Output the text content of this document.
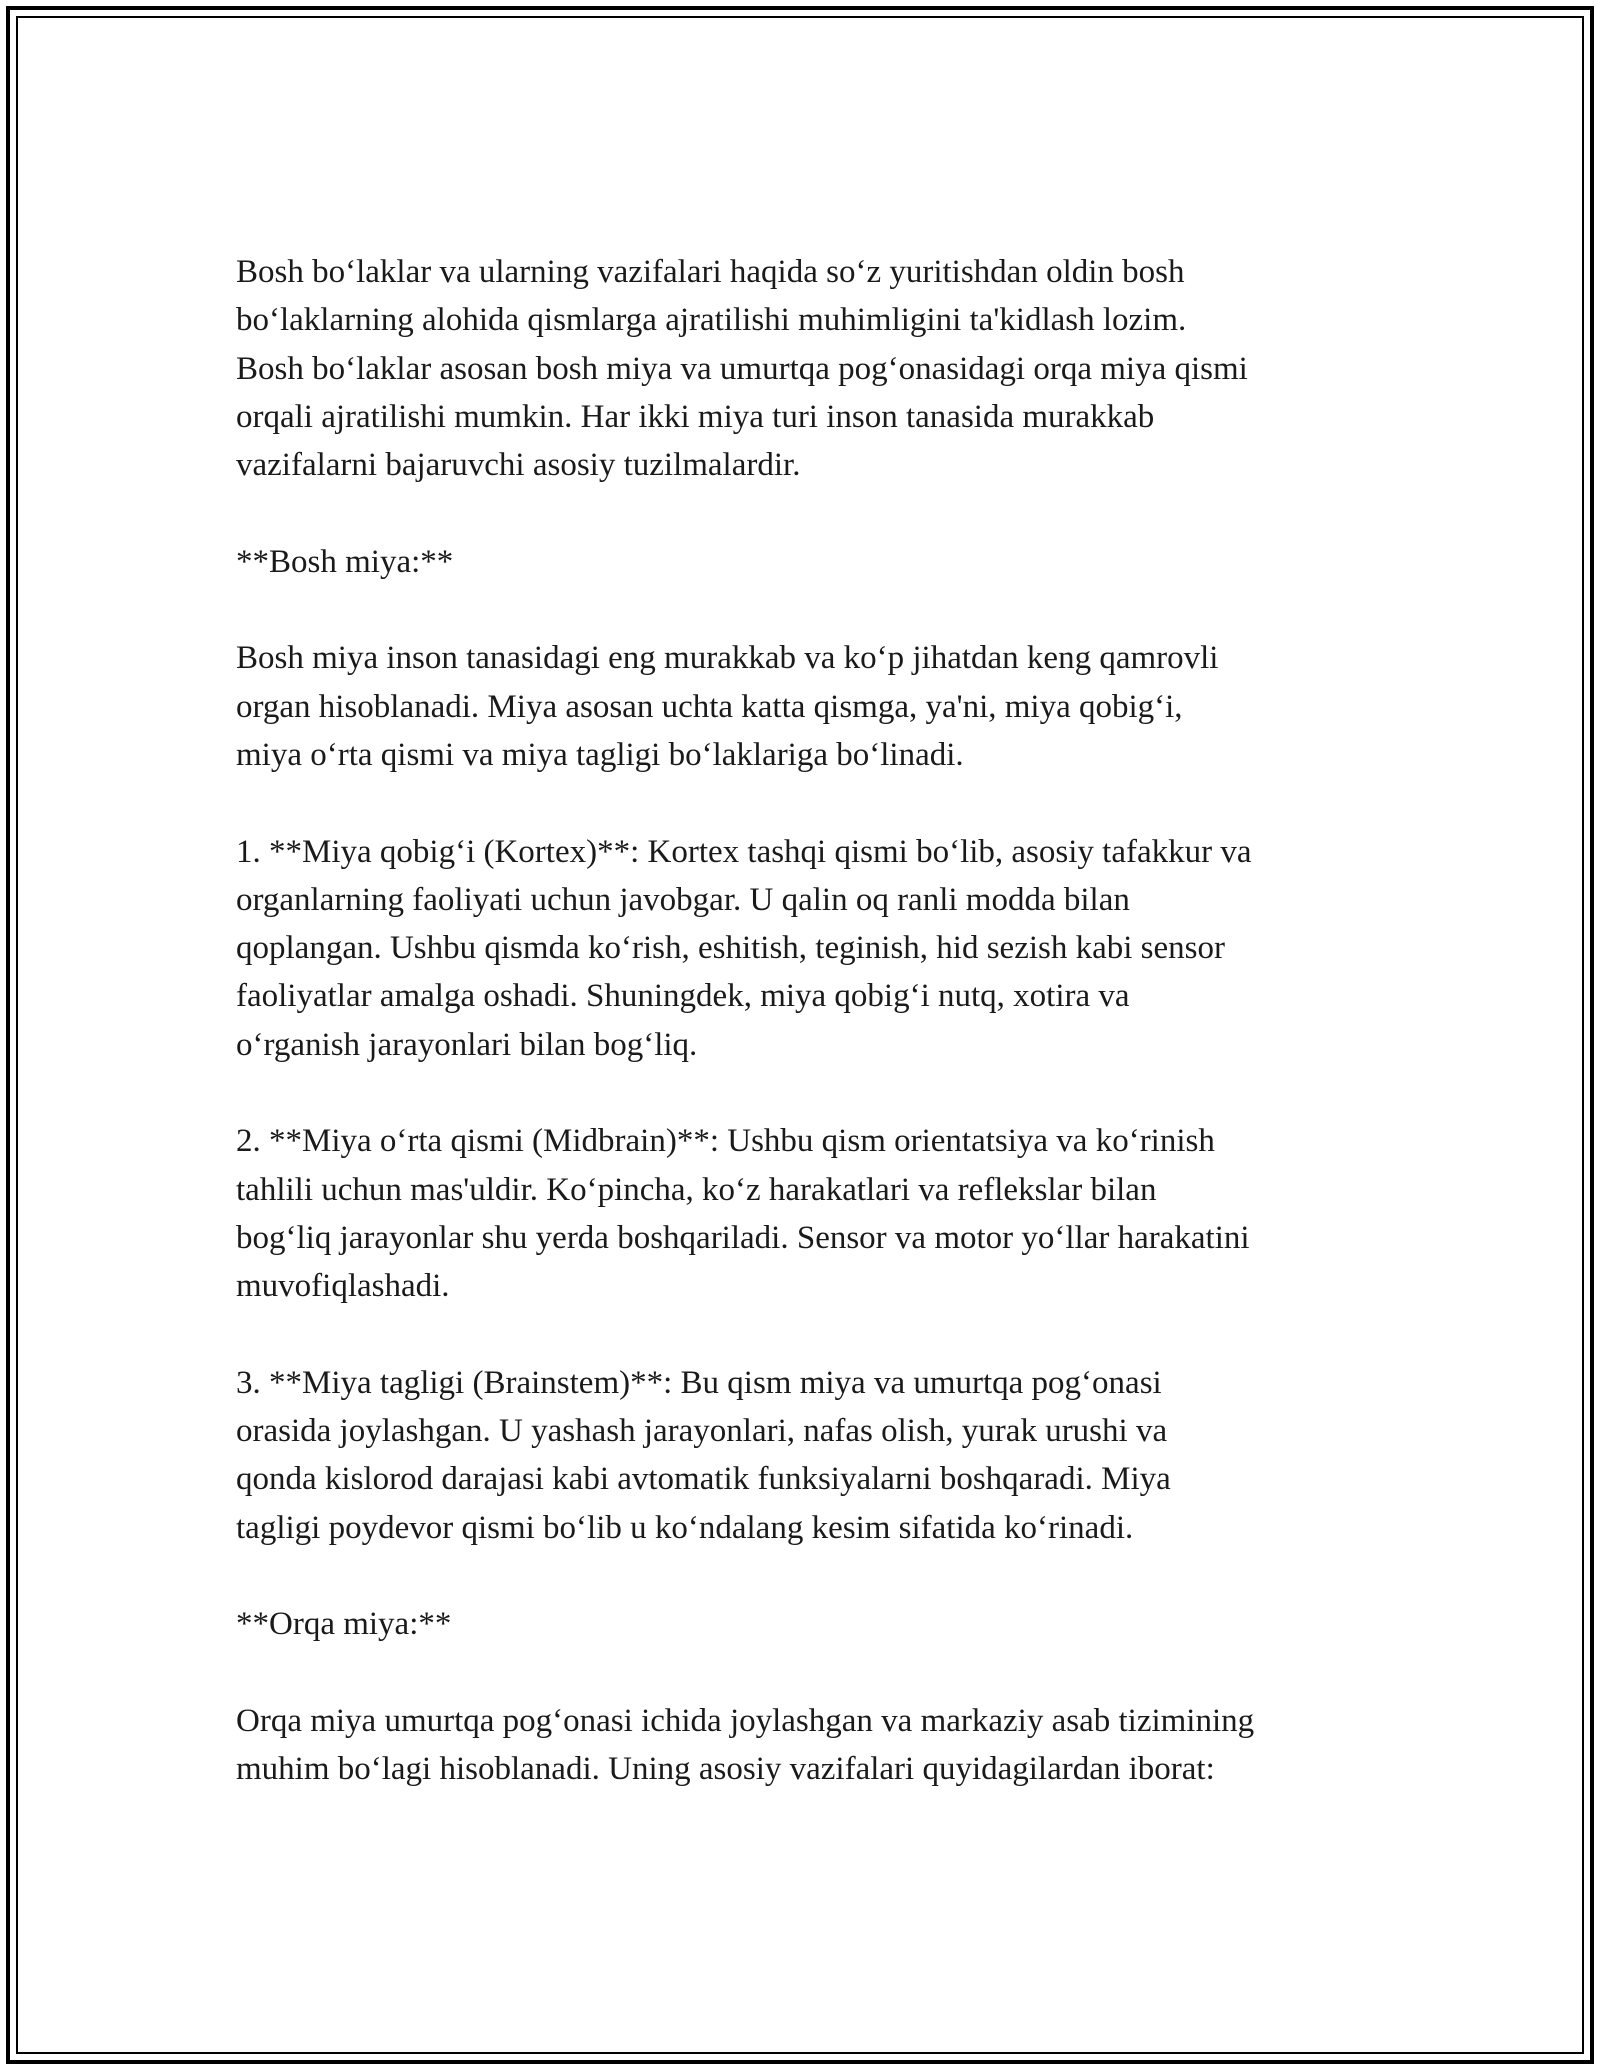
Bosh bo‘laklar va ularning vazifalari haqida so‘z yuritishdan oldin bosh
bo‘laklarning alohida qismlarga ajratilishi muhimligini ta'kidlash lozim.
Bosh bo‘laklar asosan bosh miya va umurtqa pog‘onasidagi orqa miya qismi
orqali ajratilishi mumkin. Har ikki miya turi inson tanasida murakkab
vazifalarni bajaruvchi asosiy tuzilmalardir.

**Bosh miya:**

Bosh miya inson tanasidagi eng murakkab va ko‘p jihatdan keng qamrovli
organ hisoblanadi. Miya asosan uchta katta qismga, ya'ni, miya qobig‘i,
miya o‘rta qismi va miya tagligi bo‘laklariga bo‘linadi.

1. **Miya qobig‘i (Kortex)**: Kortex tashqi qismi bo‘lib, asosiy tafakkur va
organlarning faoliyati uchun javobgar. U qalin oq ranli modda bilan
qoplangan. Ushbu qismda ko‘rish, eshitish, teginish, hid sezish kabi sensor
faoliyatlar amalga oshadi. Shuningdek, miya qobig‘i nutq, xotira va
o‘rganish jarayonlari bilan bog‘liq.

2. **Miya o‘rta qismi (Midbrain)**: Ushbu qism orientatsiya va ko‘rinish
tahlili uchun mas'uldir. Ko‘pincha, ko‘z harakatlari va reflekslar bilan
bog‘liq jarayonlar shu yerda boshqariladi. Sensor va motor yo‘llar harakatini
muvofiqlashadi.

3. **Miya tagligi (Brainstem)**: Bu qism miya va umurtqa pog‘onasi
orasida joylashgan. U yashash jarayonlari, nafas olish, yurak urushi va
qonda kislorod darajasi kabi avtomatik funksiyalarni boshqaradi. Miya
tagligi poydevor qismi bo‘lib u ko‘ndalang kesim sifatida ko‘rinadi.

**Orqa miya:**

Orqa miya umurtqa pog‘onasi ichida joylashgan va markaziy asab tizimining
muhim bo‘lagi hisoblanadi. Uning asosiy vazifalari quyidagilardan iborat:
